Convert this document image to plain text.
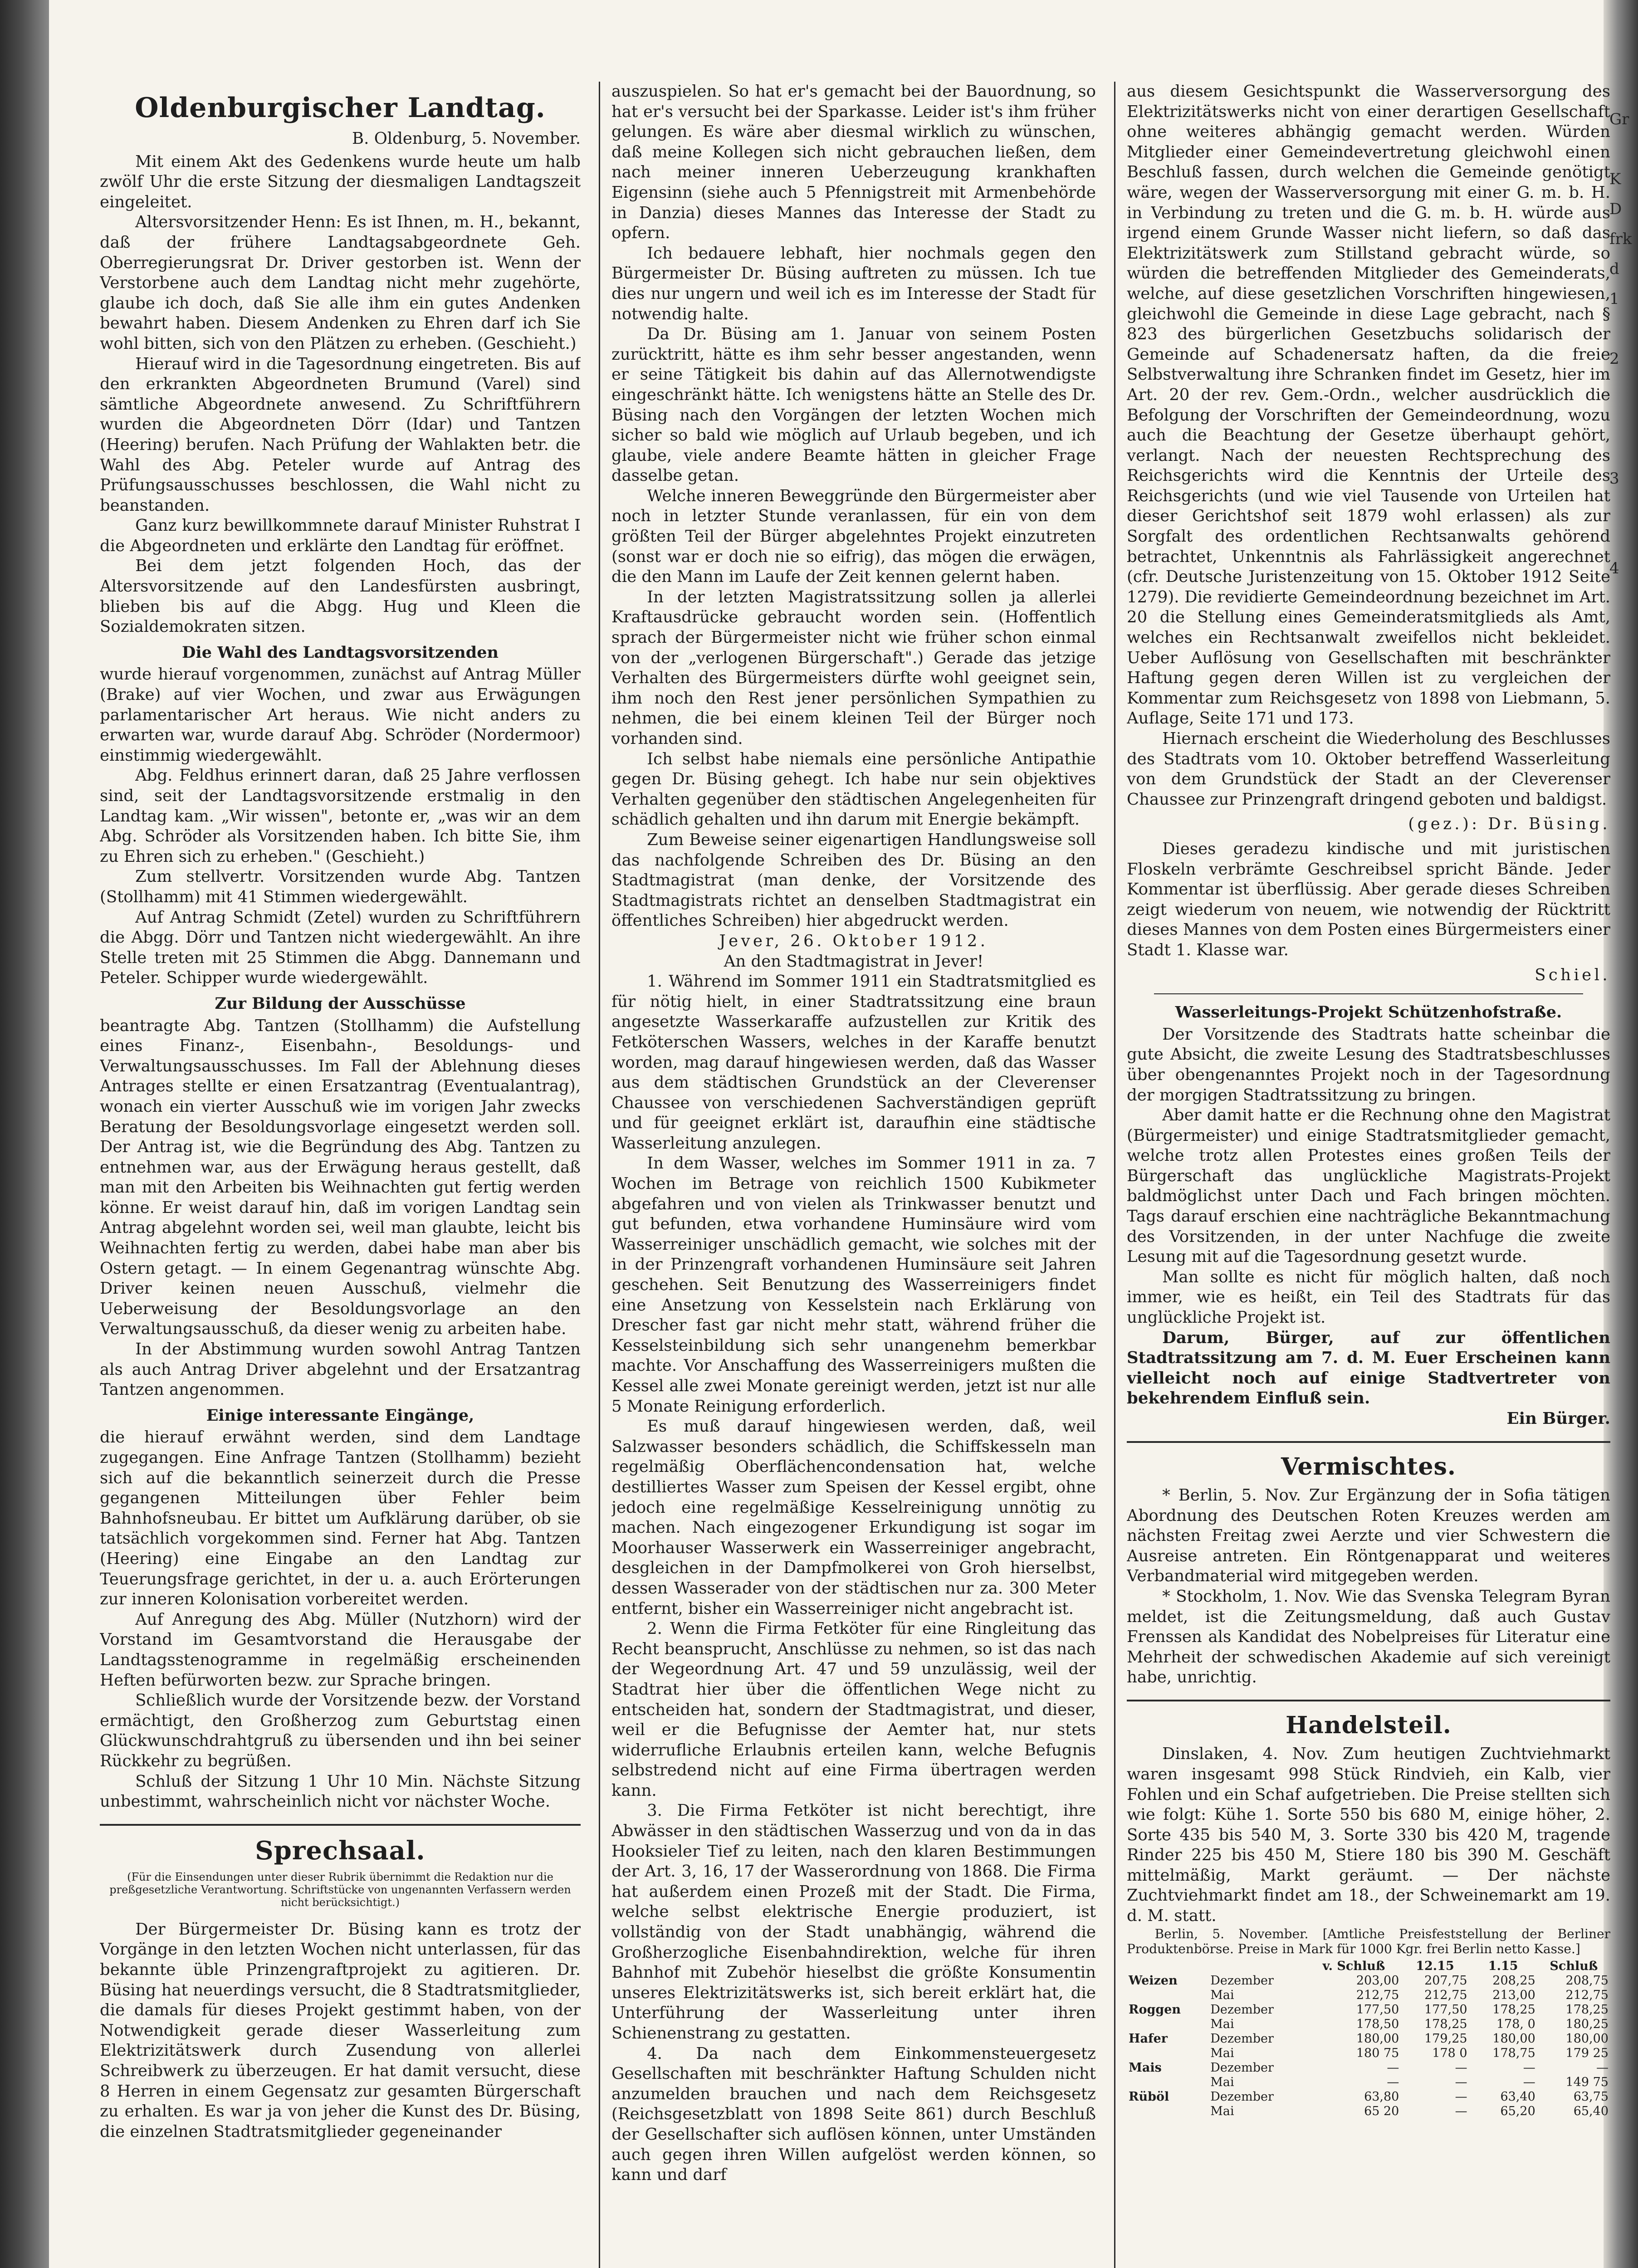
Gr

K
D
frk
d
1

2

3

4
Oldenburgischer Landtag.

B. Oldenburg, 5. November.

Mit einem Akt des Gedenkens wurde heute um halb zwölf Uhr die erste Sitzung der diesmaligen Landtagszeit eingeleitet.

Altersvorsitzender Henn: Es ist Ihnen, m. H., bekannt, daß der frühere Landtagsabgeordnete Geh. Oberregierungsrat Dr. Driver gestorben ist. Wenn der Verstorbene auch dem Landtag nicht mehr zugehörte, glaube ich doch, daß Sie alle ihm ein gutes Andenken bewahrt haben. Diesem Andenken zu Ehren darf ich Sie wohl bitten, sich von den Plätzen zu erheben. (Geschieht.)

Hierauf wird in die Tagesordnung eingetreten. Bis auf den erkrankten Abgeordneten Brumund (Varel) sind sämtliche Abgeordnete anwesend. Zu Schriftführern wurden die Abgeordneten Dörr (Idar) und Tantzen (Heering) berufen. Nach Prüfung der Wahlakten betr. die Wahl des Abg. Peteler wurde auf Antrag des Prüfungsausschusses beschlossen, die Wahl nicht zu beanstanden.

Ganz kurz bewillkommnete darauf Minister Ruhstrat I die Abgeordneten und erklärte den Landtag für eröffnet.

Bei dem jetzt folgenden Hoch, das der Altersvorsitzende auf den Landesfürsten ausbringt, blieben bis auf die Abgg. Hug und Kleen die Sozialdemokraten sitzen.

Die Wahl des Landtagsvorsitzenden

wurde hierauf vorgenommen, zunächst auf Antrag Müller (Brake) auf vier Wochen, und zwar aus Erwägungen parlamentarischer Art heraus. Wie nicht anders zu erwarten war, wurde darauf Abg. Schröder (Nordermoor) einstimmig wiedergewählt.

Abg. Feldhus erinnert daran, daß 25 Jahre verflossen sind, seit der Landtagsvorsitzende erstmalig in den Landtag kam. „Wir wissen", betonte er, „was wir an dem Abg. Schröder als Vorsitzenden haben. Ich bitte Sie, ihm zu Ehren sich zu erheben." (Geschieht.)

Zum stellvertr. Vorsitzenden wurde Abg. Tantzen (Stollhamm) mit 41 Stimmen wiedergewählt.

Auf Antrag Schmidt (Zetel) wurden zu Schriftführern die Abgg. Dörr und Tantzen nicht wiedergewählt. An ihre Stelle treten mit 25 Stimmen die Abgg. Dannemann und Peteler. Schipper wurde wiedergewählt.

Zur Bildung der Ausschüsse

beantragte Abg. Tantzen (Stollhamm) die Aufstellung eines Finanz-, Eisenbahn-, Besoldungs- und Verwaltungsausschusses. Im Fall der Ablehnung dieses Antrages stellte er einen Ersatzantrag (Eventualantrag), wonach ein vierter Ausschuß wie im vorigen Jahr zwecks Beratung der Besoldungsvorlage eingesetzt werden soll. Der Antrag ist, wie die Begründung des Abg. Tantzen zu entnehmen war, aus der Erwägung heraus gestellt, daß man mit den Arbeiten bis Weihnachten gut fertig werden könne. Er weist darauf hin, daß im vorigen Landtag sein Antrag abgelehnt worden sei, weil man glaubte, leicht bis Weihnachten fertig zu werden, dabei habe man aber bis Ostern getagt. — In einem Gegenantrag wünschte Abg. Driver keinen neuen Ausschuß, vielmehr die Ueberweisung der Besoldungsvorlage an den Verwaltungsausschuß, da dieser wenig zu arbeiten habe.

In der Abstimmung wurden sowohl Antrag Tantzen als auch Antrag Driver abgelehnt und der Ersatzantrag Tantzen angenommen.

Einige interessante Eingänge,

die hierauf erwähnt werden, sind dem Landtage zugegangen. Eine Anfrage Tantzen (Stollhamm) bezieht sich auf die bekanntlich seinerzeit durch die Presse gegangenen Mitteilungen über Fehler beim Bahnhofsneubau. Er bittet um Aufklärung darüber, ob sie tatsächlich vorgekommen sind. Ferner hat Abg. Tantzen (Heering) eine Eingabe an den Landtag zur Teuerungsfrage gerichtet, in der u. a. auch Erörterungen zur inneren Kolonisation vorbereitet werden.

Auf Anregung des Abg. Müller (Nutzhorn) wird der Vorstand im Gesamtvorstand die Herausgabe der Landtagsstenogramme in regelmäßig erscheinenden Heften befürworten bezw. zur Sprache bringen.

Schließlich wurde der Vorsitzende bezw. der Vorstand ermächtigt, den Großherzog zum Geburtstag einen Glückwunschdrahtgruß zu übersenden und ihn bei seiner Rückkehr zu begrüßen.

Schluß der Sitzung 1 Uhr 10 Min. Nächste Sitzung unbestimmt, wahrscheinlich nicht vor nächster Woche.

Sprechsaal.

(Für die Einsendungen unter dieser Rubrik übernimmt die Redaktion nur die preßgesetzliche Verantwortung. Schriftstücke von ungenannten Verfassern werden nicht berücksichtigt.)

Der Bürgermeister Dr. Büsing kann es trotz der Vorgänge in den letzten Wochen nicht unterlassen, für das bekannte üble Prinzengraftprojekt zu agitieren. Dr. Büsing hat neuerdings versucht, die 8 Stadtratsmitglieder, die damals für dieses Projekt gestimmt haben, von der Notwendigkeit gerade dieser Wasserleitung zum Elektrizitätswerk durch Zusendung von allerlei Schreibwerk zu überzeugen. Er hat damit versucht, diese 8 Herren in einem Gegensatz zur gesamten Bürgerschaft zu erhalten. Es war ja von jeher die Kunst des Dr. Büsing, die einzelnen Stadtratsmitglieder gegeneinander

auszuspielen. So hat er's gemacht bei der Bauordnung, so hat er's versucht bei der Sparkasse. Leider ist's ihm früher gelungen. Es wäre aber diesmal wirklich zu wünschen, daß meine Kollegen sich nicht gebrauchen ließen, dem nach meiner inneren Ueberzeugung krankhaften Eigensinn (siehe auch 5 Pfennigstreit mit Armenbehörde in Danzia) dieses Mannes das Interesse der Stadt zu opfern.

Ich bedauere lebhaft, hier nochmals gegen den Bürgermeister Dr. Büsing auftreten zu müssen. Ich tue dies nur ungern und weil ich es im Interesse der Stadt für notwendig halte.

Da Dr. Büsing am 1. Januar von seinem Posten zurücktritt, hätte es ihm sehr besser angestanden, wenn er seine Tätigkeit bis dahin auf das Allernotwendigste eingeschränkt hätte. Ich wenigstens hätte an Stelle des Dr. Büsing nach den Vorgängen der letzten Wochen mich sicher so bald wie möglich auf Urlaub begeben, und ich glaube, viele andere Beamte hätten in gleicher Frage dasselbe getan.

Welche inneren Beweggründe den Bürgermeister aber noch in letzter Stunde veranlassen, für ein von dem größten Teil der Bürger abgelehntes Projekt einzutreten (sonst war er doch nie so eifrig), das mögen die erwägen, die den Mann im Laufe der Zeit kennen gelernt haben.

In der letzten Magistratssitzung sollen ja allerlei Kraftausdrücke gebraucht worden sein. (Hoffentlich sprach der Bürgermeister nicht wie früher schon einmal von der „verlogenen Bürgerschaft".) Gerade das jetzige Verhalten des Bürgermeisters dürfte wohl geeignet sein, ihm noch den Rest jener persönlichen Sympathien zu nehmen, die bei einem kleinen Teil der Bürger noch vorhanden sind.

Ich selbst habe niemals eine persönliche Antipathie gegen Dr. Büsing gehegt. Ich habe nur sein objektives Verhalten gegenüber den städtischen Angelegenheiten für schädlich gehalten und ihn darum mit Energie bekämpft.

Zum Beweise seiner eigenartigen Handlungsweise soll das nachfolgende Schreiben des Dr. Büsing an den Stadtmagistrat (man denke, der Vorsitzende des Stadtmagistrats richtet an denselben Stadtmagistrat ein öffentliches Schreiben) hier abgedruckt werden.

Jever, 26. Oktober 1912.

An den Stadtmagistrat in Jever!

1. Während im Sommer 1911 ein Stadtratsmitglied es für nötig hielt, in einer Stadtratssitzung eine braun angesetzte Wasserkaraffe aufzustellen zur Kritik des Fetköterschen Wassers, welches in der Karaffe benutzt worden, mag darauf hingewiesen werden, daß das Wasser aus dem städtischen Grundstück an der Cleverenser Chaussee von verschiedenen Sachverständigen geprüft und für geeignet erklärt ist, daraufhin eine städtische Wasserleitung anzulegen.

In dem Wasser, welches im Sommer 1911 in za. 7 Wochen im Betrage von reichlich 1500 Kubikmeter abgefahren und von vielen als Trinkwasser benutzt und gut befunden, etwa vorhandene Huminsäure wird vom Wasserreiniger unschädlich gemacht, wie solches mit der in der Prinzengraft vorhandenen Huminsäure seit Jahren geschehen. Seit Benutzung des Wasserreinigers findet eine Ansetzung von Kesselstein nach Erklärung von Drescher fast gar nicht mehr statt, während früher die Kesselsteinbildung sich sehr unangenehm bemerkbar machte. Vor Anschaffung des Wasserreinigers mußten die Kessel alle zwei Monate gereinigt werden, jetzt ist nur alle 5 Monate Reinigung erforderlich.

Es muß darauf hingewiesen werden, daß, weil Salzwasser besonders schädlich, die Schiffskesseln man regelmäßig Oberflächencondensation hat, welche destilliertes Wasser zum Speisen der Kessel ergibt, ohne jedoch eine regelmäßige Kesselreinigung unnötig zu machen. Nach eingezogener Erkundigung ist sogar im Moorhauser Wasserwerk ein Wasserreiniger angebracht, desgleichen in der Dampfmolkerei von Groh hierselbst, dessen Wasserader von der städtischen nur za. 300 Meter entfernt, bisher ein Wasserreiniger nicht angebracht ist.

2. Wenn die Firma Fetköter für eine Ringleitung das Recht beansprucht, Anschlüsse zu nehmen, so ist das nach der Wegeordnung Art. 47 und 59 unzulässig, weil der Stadtrat hier über die öffentlichen Wege nicht zu entscheiden hat, sondern der Stadtmagistrat, und dieser, weil er die Befugnisse der Aemter hat, nur stets widerrufliche Erlaubnis erteilen kann, welche Befugnis selbstredend nicht auf eine Firma übertragen werden kann.

3. Die Firma Fetköter ist nicht berechtigt, ihre Abwässer in den städtischen Wasserzug und von da in das Hooksieler Tief zu leiten, nach den klaren Bestimmungen der Art. 3, 16, 17 der Wasserordnung von 1868. Die Firma hat außerdem einen Prozeß mit der Stadt. Die Firma, welche selbst elektrische Energie produziert, ist vollständig von der Stadt unabhängig, während die Großherzogliche Eisenbahndirektion, welche für ihren Bahnhof mit Zubehör hieselbst die größte Konsumentin unseres Elektrizitätswerks ist, sich bereit erklärt hat, die Unterführung der Wasserleitung unter ihren Schienenstrang zu gestatten.

4. Da nach dem Einkommensteuergesetz Gesellschaften mit beschränkter Haftung Schulden nicht anzumelden brauchen und nach dem Reichsgesetz (Reichsgesetzblatt von 1898 Seite 861) durch Beschluß der Gesellschafter sich auflösen können, unter Umständen auch gegen ihren Willen aufgelöst werden können, so kann und darf

aus diesem Gesichtspunkt die Wasserversorgung des Elektrizitätswerks nicht von einer derartigen Gesellschaft ohne weiteres abhängig gemacht werden. Würden Mitglieder einer Gemeindevertretung gleichwohl einen Beschluß fassen, durch welchen die Gemeinde genötigt wäre, wegen der Wasserversorgung mit einer G. m. b. H. in Verbindung zu treten und die G. m. b. H. würde aus irgend einem Grunde Wasser nicht liefern, so daß das Elektrizitätswerk zum Stillstand gebracht würde, so würden die betreffenden Mitglieder des Gemeinderats, welche, auf diese gesetzlichen Vorschriften hingewiesen, gleichwohl die Gemeinde in diese Lage gebracht, nach § 823 des bürgerlichen Gesetzbuchs solidarisch der Gemeinde auf Schadenersatz haften, da die freie Selbstverwaltung ihre Schranken findet im Gesetz, hier im Art. 20 der rev. Gem.-Ordn., welcher ausdrücklich die Befolgung der Vorschriften der Gemeindeordnung, wozu auch die Beachtung der Gesetze überhaupt gehört, verlangt. Nach der neuesten Rechtsprechung des Reichsgerichts wird die Kenntnis der Urteile des Reichsgerichts (und wie viel Tausende von Urteilen hat dieser Gerichtshof seit 1879 wohl erlassen) als zur Sorgfalt des ordentlichen Rechtsanwalts gehörend betrachtet, Unkenntnis als Fahrlässigkeit angerechnet (cfr. Deutsche Juristenzeitung von 15. Oktober 1912 Seite 1279). Die revidierte Gemeindeordnung bezeichnet im Art. 20 die Stellung eines Gemeinderatsmitglieds als Amt, welches ein Rechtsanwalt zweifellos nicht bekleidet. Ueber Auflösung von Gesellschaften mit beschränkter Haftung gegen deren Willen ist zu vergleichen der Kommentar zum Reichsgesetz von 1898 von Liebmann, 5. Auflage, Seite 171 und 173.

Hiernach erscheint die Wiederholung des Beschlusses des Stadtrats vom 10. Oktober betreffend Wasserleitung von dem Grundstück der Stadt an der Cleverenser Chaussee zur Prinzengraft dringend geboten und baldigst.

(gez.): Dr. Büsing.

Dieses geradezu kindische und mit juristischen Floskeln verbrämte Geschreibsel spricht Bände. Jeder Kommentar ist überflüssig. Aber gerade dieses Schreiben zeigt wiederum von neuem, wie notwendig der Rücktritt dieses Mannes von dem Posten eines Bürgermeisters einer Stadt 1. Klasse war.

Schiel.

Wasserleitungs-Projekt Schützenhofstraße.

Der Vorsitzende des Stadtrats hatte scheinbar die gute Absicht, die zweite Lesung des Stadtratsbeschlusses über obengenanntes Projekt noch in der Tagesordnung der morgigen Stadtratssitzung zu bringen.

Aber damit hatte er die Rechnung ohne den Magistrat (Bürgermeister) und einige Stadtratsmitglieder gemacht, welche trotz allen Protestes eines großen Teils der Bürgerschaft das unglückliche Magistrats-Projekt baldmöglichst unter Dach und Fach bringen möchten. Tags darauf erschien eine nachträgliche Bekanntmachung des Vorsitzenden, in der unter Nachfuge die zweite Lesung mit auf die Tagesordnung gesetzt wurde.

Man sollte es nicht für möglich halten, daß noch immer, wie es heißt, ein Teil des Stadtrats für das unglückliche Projekt ist.

Darum, Bürger, auf zur öffentlichen Stadtratssitzung am 7. d. M. Euer Erscheinen kann vielleicht noch auf einige Stadtvertreter von bekehrendem Einfluß sein.

Ein Bürger.

Vermischtes.

* Berlin, 5. Nov. Zur Ergänzung der in Sofia tätigen Abordnung des Deutschen Roten Kreuzes werden am nächsten Freitag zwei Aerzte und vier Schwestern die Ausreise antreten. Ein Röntgenapparat und weiteres Verbandmaterial wird mitgegeben werden.

* Stockholm, 1. Nov. Wie das Svenska Telegram Byran meldet, ist die Zeitungsmeldung, daß auch Gustav Frenssen als Kandidat des Nobelpreises für Literatur eine Mehrheit der schwedischen Akademie auf sich vereinigt habe, unrichtig.

Handelsteil.

Dinslaken, 4. Nov. Zum heutigen Zuchtviehmarkt waren insgesamt 998 Stück Rindvieh, ein Kalb, vier Fohlen und ein Schaf aufgetrieben. Die Preise stellten sich wie folgt: Kühe 1. Sorte 550 bis 680 M, einige höher, 2. Sorte 435 bis 540 M, 3. Sorte 330 bis 420 M, tragende Rinder 225 bis 450 M, Stiere 180 bis 390 M. Geschäft mittelmäßig, Markt geräumt. — Der nächste Zuchtviehmarkt findet am 18., der Schweinemarkt am 19. d. M. statt.

Berlin, 5. November. [Amtliche Preisfeststellung der Berliner Produktenbörse. Preise in Mark für 1000 Kgr. frei Berlin netto Kasse.]

		v. Schluß	12.15	1.15	Schluß
Weizen	Dezember	203,00	207,75	208,25	208,75
	Mai	212,75	212,75	213,00	212,75
Roggen	Dezember	177,50	177,50	178,25	178,25
	Mai	178,50	178,25	178, 0	180,25
Hafer	Dezember	180,00	179,25	180,00	180,00
	Mai	180 75	178 0	178,75	179 25
Mais	Dezember	—	—	—	—
	Mai	—	—	—	149 75
Rüböl	Dezember	63,80	—	63,40	63,75
	Mai	65 20	—	65,20	65,40
